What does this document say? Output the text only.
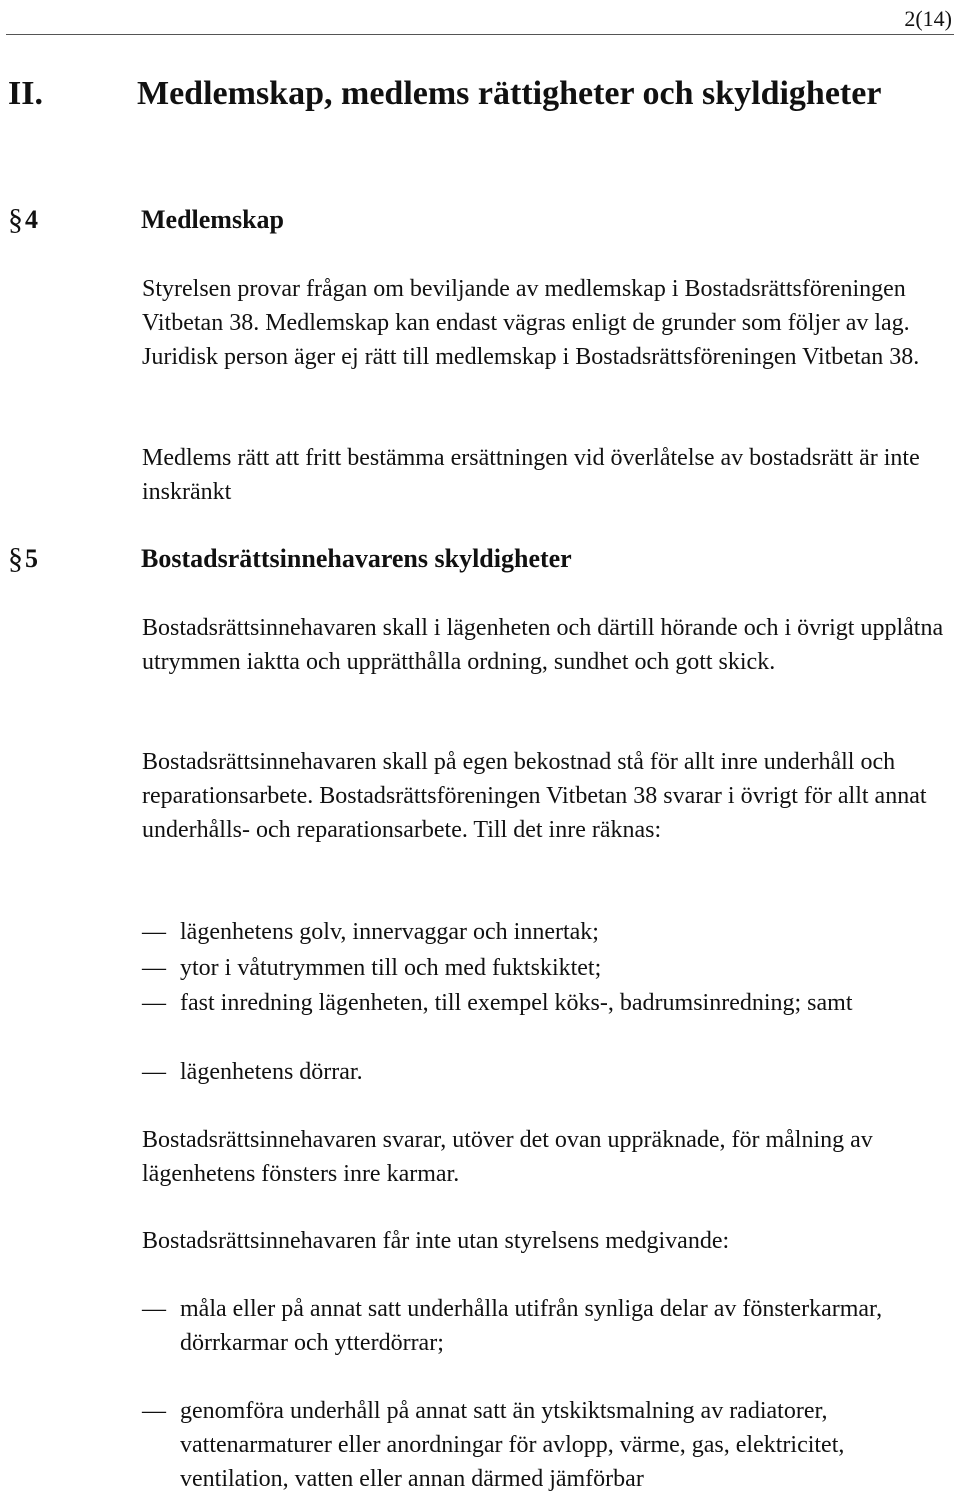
2(14)
II.	Medlemskap, medlems rättigheter och skyldigheter
§ 4	Medlemskap

Styrelsen provar frågan om beviljande av medlemskap i Bostadsrättsföreningen Vitbetan 38. Medlemskap kan endast vägras enligt de grunder som följer av lag. Juridisk person äger ej rätt till medlemskap i Bostadsrättsföreningen Vitbetan 38.

Medlems rätt att fritt bestämma ersättningen vid överlåtelse av bostadsrätt är inte inskränkt

§ 5	Bostadsrättsinnehavarens skyldigheter

Bostadsrättsinnehavaren skall i lägenheten och därtill hörande och i övrigt upplåtna utrymmen iaktta och upprätthålla ordning, sundhet och gott skick.

Bostadsrättsinnehavaren skall på egen bekostnad stå för allt inre underhåll och reparationsarbete. Bostadsrättsföreningen Vitbetan 38 svarar i övrigt för allt annat underhålls- och reparationsarbete. Till det inre räknas:

— lägenhetens golv, innervaggar och innertak;
— ytor i våtutrymmen till och med fuktskiktet;
— fast inredning lägenheten, till exempel köks-, badrumsinredning; samt
— lägenhetens dörrar.

Bostadsrättsinnehavaren svarar, utöver det ovan uppräknade, för målning av lägenhetens fönsters inre karmar.

Bostadsrättsinnehavaren får inte utan styrelsens medgivande:

— måla eller på annat satt underhålla utifrån synliga delar av fönsterkarmar, dörrkarmar och ytterdörrar;
— genomföra underhåll på annat satt än ytskiktsmalning av radiatorer, vattenarmaturer eller anordningar för avlopp, värme, gas, elektricitet, ventilation, vatten eller annan därmed jämförbar
